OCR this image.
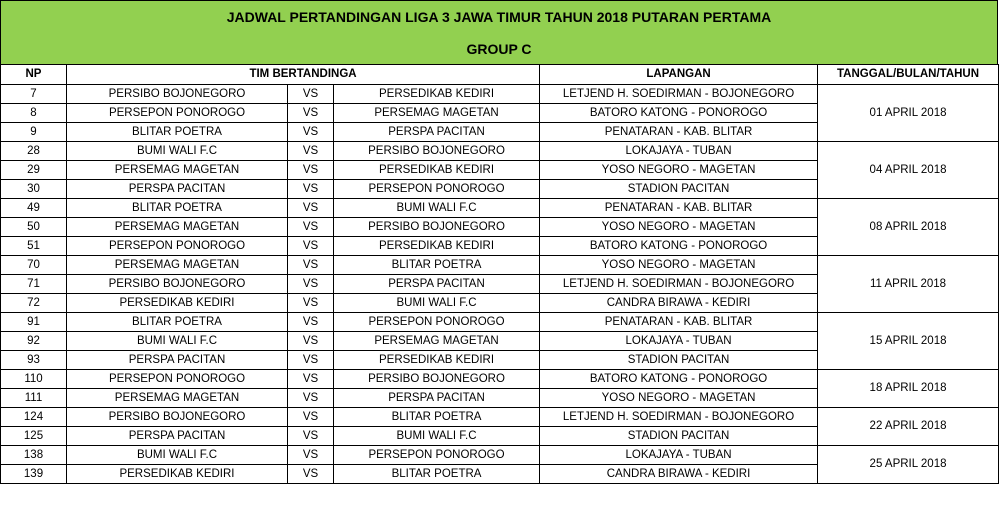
JADWAL PERTANDINGAN LIGA 3 JAWA TIMUR TAHUN 2018 PUTARAN PERTAMA
GROUP C
NP	TIM BERTANDINGA			LAPANGAN	TANGGAL/BULAN/TAHUN
7	PERSIBO BOJONEGORO	VS	PERSEDIKAB KEDIRI	LETJEND H. SOEDIRMAN - BOJONEGORO	01 APRIL 2018
8	PERSEPON PONOROGO	VS	PERSEMAG MAGETAN	BATORO KATONG - PONOROGO	
9	BLITAR POETRA	VS	PERSPA PACITAN	PENATARAN - KAB. BLITAR	
28	BUMI WALI F.C	VS	PERSIBO BOJONEGORO	LOKAJAYA - TUBAN	04 APRIL 2018
29	PERSEMAG MAGETAN	VS	PERSEDIKAB KEDIRI	YOSO NEGORO - MAGETAN	
30	PERSPA PACITAN	VS	PERSEPON PONOROGO	STADION PACITAN	
49	BLITAR POETRA	VS	BUMI WALI F.C	PENATARAN - KAB. BLITAR	08 APRIL 2018
50	PERSEMAG MAGETAN	VS	PERSIBO BOJONEGORO	YOSO NEGORO - MAGETAN	
51	PERSEPON PONOROGO	VS	PERSEDIKAB KEDIRI	BATORO KATONG - PONOROGO	
70	PERSEMAG MAGETAN	VS	BLITAR POETRA	YOSO NEGORO - MAGETAN	11 APRIL 2018
71	PERSIBO BOJONEGORO	VS	PERSPA PACITAN	LETJEND H. SOEDIRMAN - BOJONEGORO	
72	PERSEDIKAB KEDIRI	VS	BUMI WALI F.C	CANDRA BIRAWA - KEDIRI	
91	BLITAR POETRA	VS	PERSEPON PONOROGO	PENATARAN - KAB. BLITAR	15 APRIL 2018
92	BUMI WALI F.C	VS	PERSEMAG MAGETAN	LOKAJAYA - TUBAN	
93	PERSPA PACITAN	VS	PERSEDIKAB KEDIRI	STADION PACITAN	
110	PERSEPON PONOROGO	VS	PERSIBO BOJONEGORO	BATORO KATONG - PONOROGO	18 APRIL 2018
111	PERSEMAG MAGETAN	VS	PERSPA PACITAN	YOSO NEGORO - MAGETAN	
124	PERSIBO BOJONEGORO	VS	BLITAR POETRA	LETJEND H. SOEDIRMAN - BOJONEGORO	22 APRIL 2018
125	PERSPA PACITAN	VS	BUMI WALI F.C	STADION PACITAN	
138	BUMI WALI F.C	VS	PERSEPON PONOROGO	LOKAJAYA - TUBAN	25 APRIL 2018
139	PERSEDIKAB KEDIRI	VS	BLITAR POETRA	CANDRA BIRAWA - KEDIRI	
